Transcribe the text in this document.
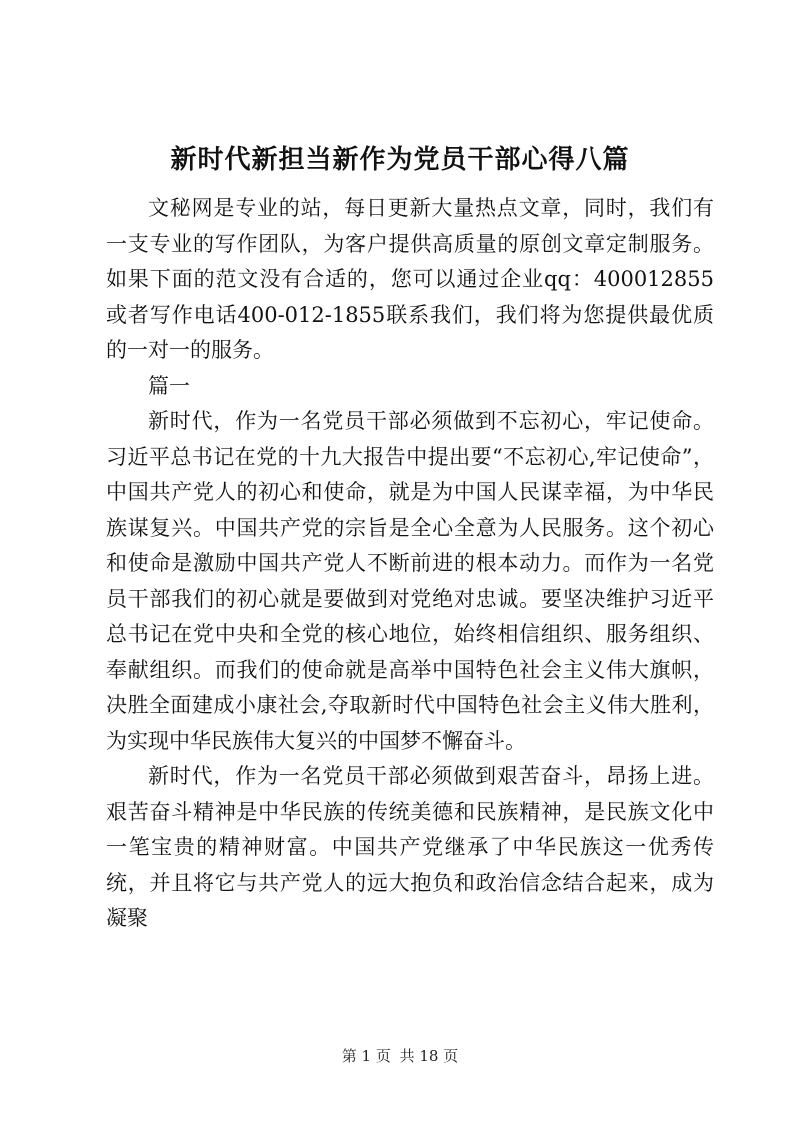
新时代新担当新作为党员干部心得八篇

文秘网是专业的站，每日更新大量热点文章，同时，我们有一支专业的写作团队，为客户提供高质量的原创文章定制服务。如果下面的范文没有合适的，您可以通过企业qq：400012855或者写作电话400-012-1855联系我们，我们将为您提供最优质的一对一的服务。

篇一

新时代，作为一名党员干部必须做到不忘初心，牢记使命。习近平总书记在党的十九大报告中提出要“不忘初心,牢记使命”，中国共产党人的初心和使命，就是为中国人民谋幸福，为中华民族谋复兴。中国共产党的宗旨是全心全意为人民服务。这个初心和使命是激励中国共产党人不断前进的根本动力。而作为一名党员干部我们的初心就是要做到对党绝对忠诚。要坚决维护习近平总书记在党中央和全党的核心地位，始终相信组织、服务组织、奉献组织。而我们的使命就是高举中国特色社会主义伟大旗帜，决胜全面建成小康社会,夺取新时代中国特色社会主义伟大胜利，为实现中华民族伟大复兴的中国梦不懈奋斗。

新时代，作为一名党员干部必须做到艰苦奋斗，昂扬上进。艰苦奋斗精神是中华民族的传统美德和民族精神，是民族文化中一笔宝贵的精神财富。中国共产党继承了中华民族这一优秀传统，并且将它与共产党人的远大抱负和政治信念结合起来，成为凝聚

第 1 页 共 18 页
